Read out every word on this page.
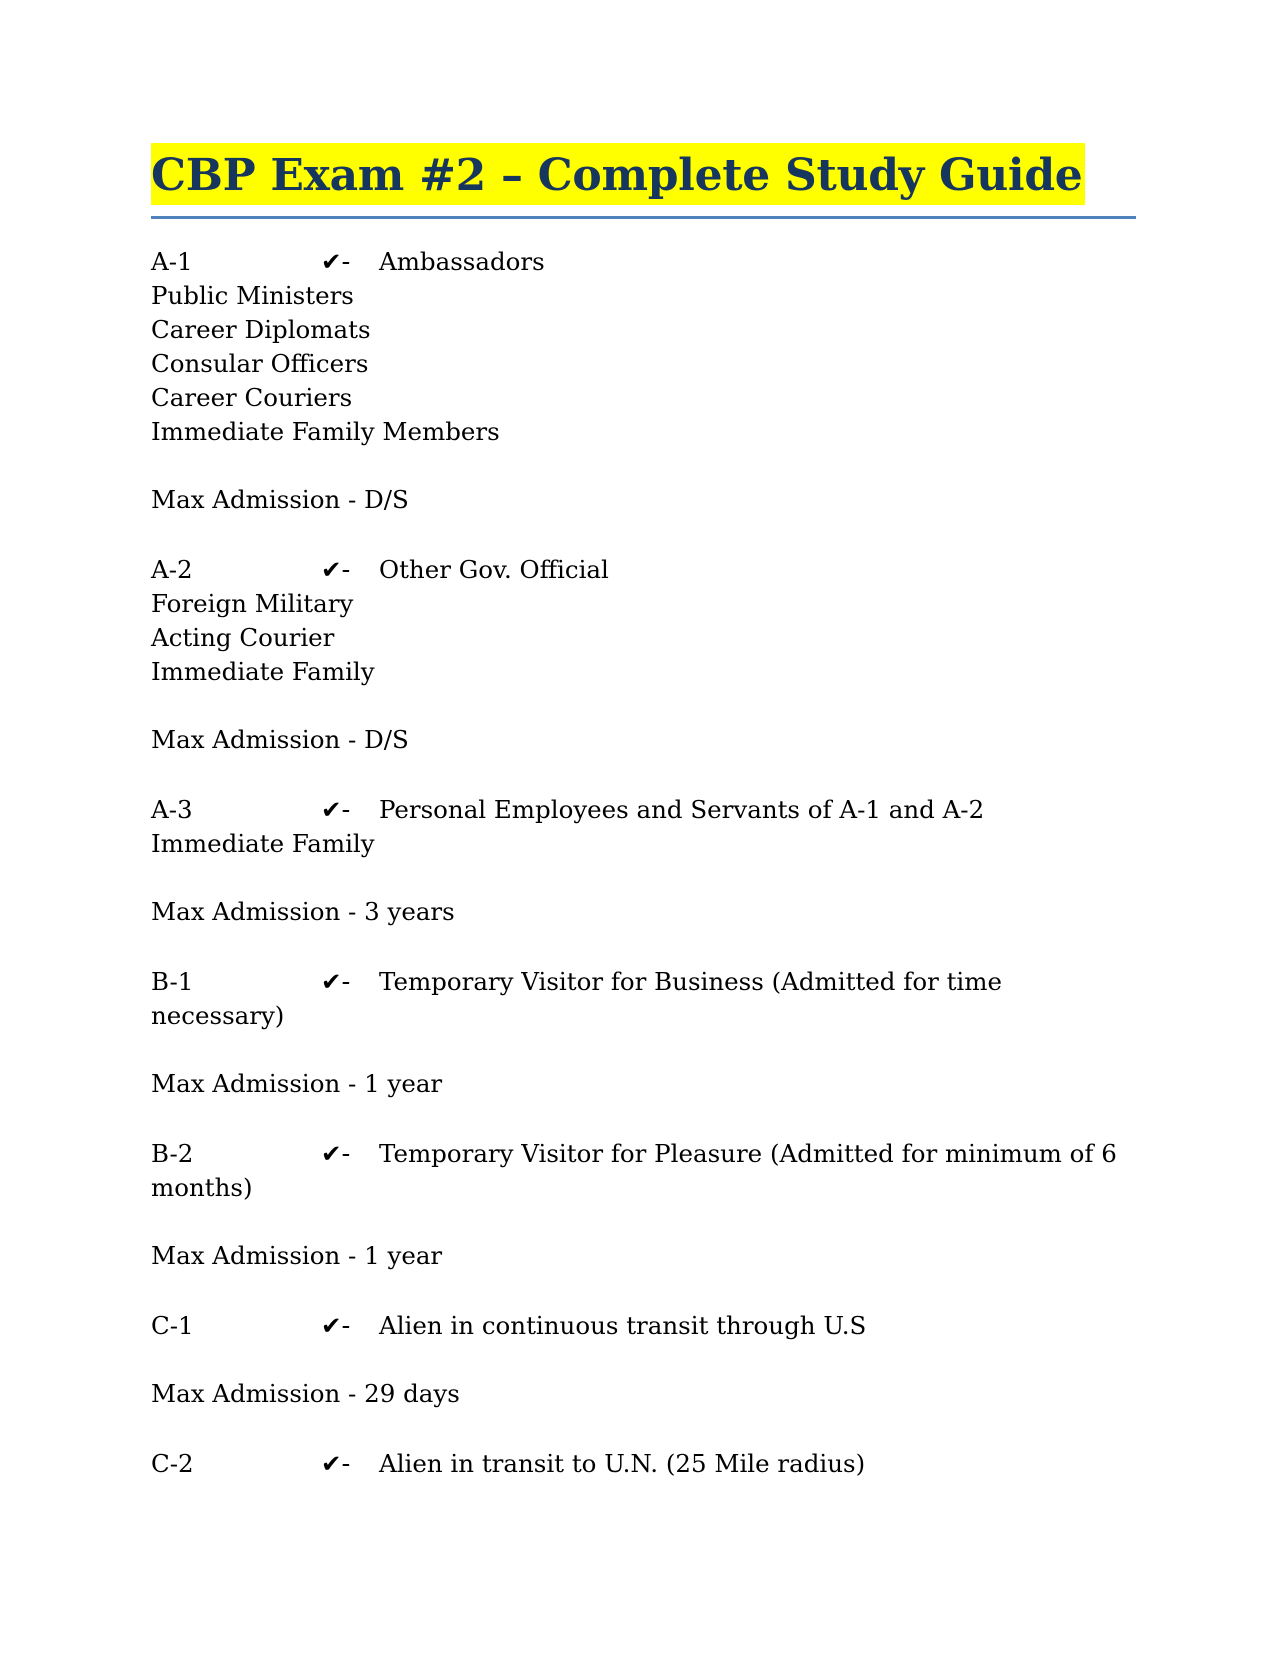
CBP Exam #2 – Complete Study Guide
A-1	✔- Ambassadors
Public Ministers
Career Diplomats
Consular Officers
Career Couriers
Immediate Family Members
Max Admission - D/S
A-2	✔- Other Gov. Official
Foreign Military
Acting Courier
Immediate Family
Max Admission - D/S
A-3	✔- Personal Employees and Servants of A-1 and A-2
Immediate Family
Max Admission - 3 years
B-1	✔- Temporary Visitor for Business (Admitted for time
necessary)
Max Admission - 1 year
B-2	✔- Temporary Visitor for Pleasure (Admitted for minimum of 6
months)
Max Admission - 1 year
C-1	✔- Alien in continuous transit through U.S
Max Admission - 29 days
C-2	✔- Alien in transit to U.N. (25 Mile radius)
